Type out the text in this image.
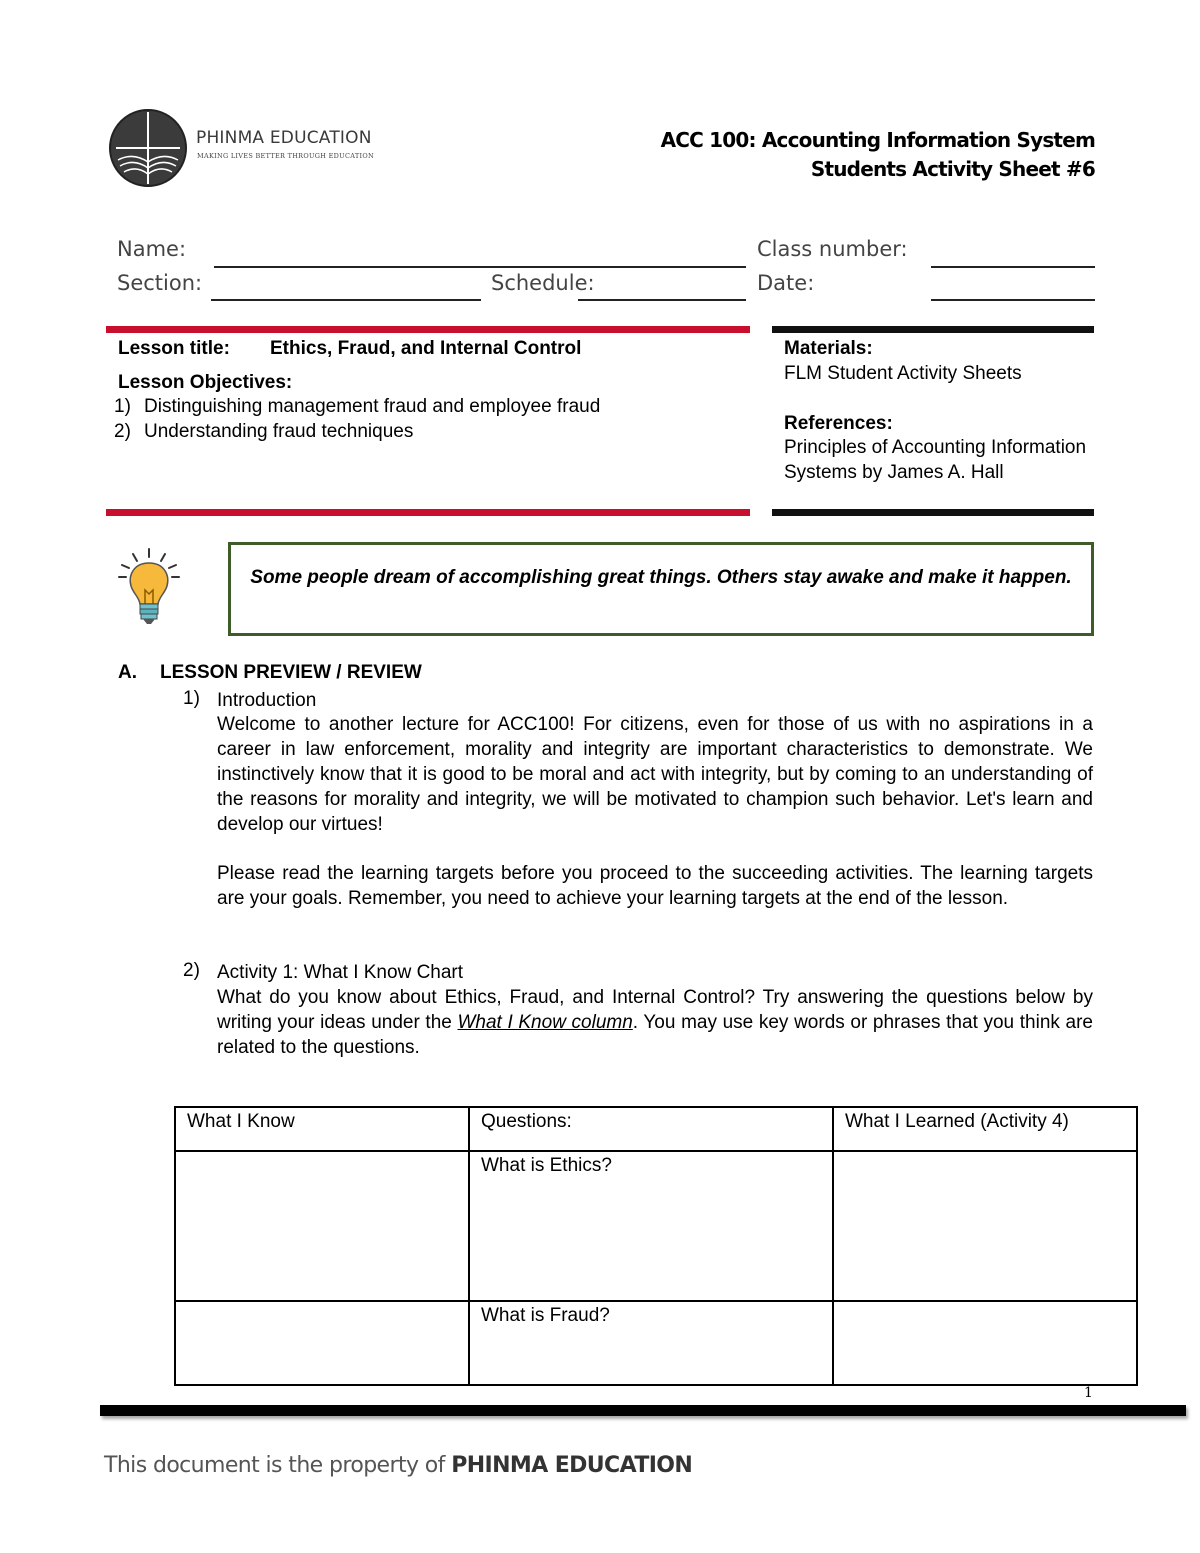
PHINMA EDUCATION
MAKING LIVES BETTER THROUGH EDUCATION
ACC 100: Accounting Information System
Students Activity Sheet #6
Name:	Class number:
Section:	Schedule:	Date:
Lesson title: Ethics, Fraud, and Internal Control
Lesson Objectives:
1) Distinguishing management fraud and employee fraud
2) Understanding fraud techniques
Materials:
FLM Student Activity Sheets
References:
Principles of Accounting Information Systems by James A. Hall
Some people dream of accomplishing great things. Others stay awake and make it happen.
A. LESSON PREVIEW / REVIEW
1) Introduction
Welcome to another lecture for ACC100! For citizens, even for those of us with no aspirations in a career in law enforcement, morality and integrity are important characteristics to demonstrate. We instinctively know that it is good to be moral and act with integrity, but by coming to an understanding of the reasons for morality and integrity, we will be motivated to champion such behavior. Let's learn and develop our virtues!
Please read the learning targets before you proceed to the succeeding activities. The learning targets are your goals. Remember, you need to achieve your learning targets at the end of the lesson.
2) Activity 1: What I Know Chart
What do you know about Ethics, Fraud, and Internal Control? Try answering the questions below by writing your ideas under the What I Know column. You may use key words or phrases that you think are related to the questions.
What I Know	Questions:	What I Learned (Activity 4)
	What is Ethics?	
	What is Fraud?	
1
This document is the property of PHINMA EDUCATION
